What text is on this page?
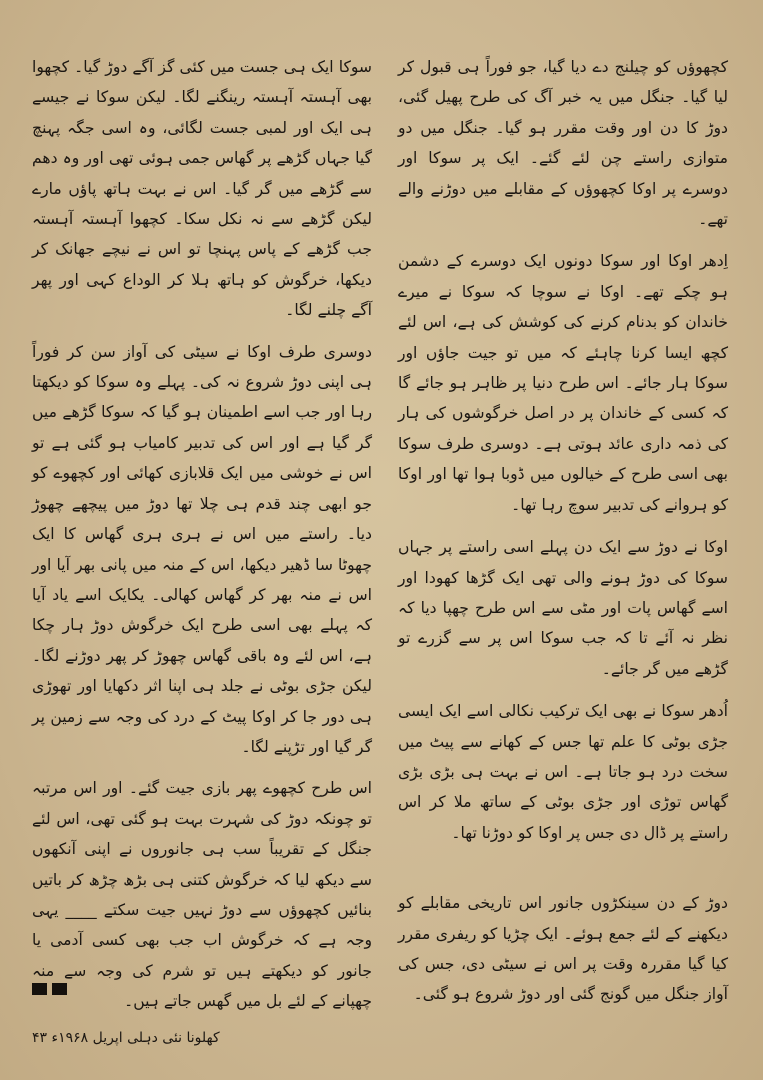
کچھوؤں کو چیلنج دے دیا گیا، جو فوراً ہی قبول کر لیا گیا۔ جنگل میں یہ خبر آگ کی طرح پھیل گئی، دوڑ کا دن اور وقت مقرر ہو گیا۔ جنگل میں دو متوازی راستے چن لئے گئے۔ ایک پر سوکا اور دوسرے پر اوکا کچھوؤں کے مقابلے میں دوڑنے والے تھے۔

اِدھر اوکا اور سوکا دونوں ایک دوسرے کے دشمن ہو چکے تھے۔ اوکا نے سوچا کہ سوکا نے میرے خاندان کو بدنام کرنے کی کوشش کی ہے، اس لئے کچھ ایسا کرنا چاہئے کہ میں تو جیت جاؤں اور سوکا ہار جائے۔ اس طرح دنیا پر ظاہر ہو جائے گا کہ کسی کے خاندان پر در اصل خرگوشوں کی ہار کی ذمہ داری عائد ہوتی ہے۔ دوسری طرف سوکا بھی اسی طرح کے خیالوں میں ڈوبا ہوا تھا اور اوکا کو ہروانے کی تدبیر سوچ رہا تھا۔

اوکا نے دوڑ سے ایک دن پہلے اسی راستے پر جہاں سوکا کی دوڑ ہونے والی تھی ایک گڑھا کھودا اور اسے گھاس پات اور مٹی سے اس طرح چھپا دیا کہ نظر نہ آئے تا کہ جب سوکا اس پر سے گزرے تو گڑھے میں گر جائے۔

اُدھر سوکا نے بھی ایک ترکیب نکالی اسے ایک ایسی جڑی بوٹی کا علم تھا جس کے کھانے سے پیٹ میں سخت درد ہو جاتا ہے۔ اس نے بہت ہی بڑی بڑی گھاس توڑی اور جڑی بوٹی کے ساتھ ملا کر اس راستے پر ڈال دی جس پر اوکا کو دوڑنا تھا۔

دوڑ کے دن سینکڑوں جانور اس تاریخی مقابلے کو دیکھنے کے لئے جمع ہوئے۔ ایک چڑیا کو ریفری مقرر کیا گیا مقررہ وقت پر اس نے سیٹی دی، جس کی آواز جنگل میں گونج گئی اور دوڑ شروع ہو گئی۔

سوکا ایک ہی جست میں کئی گز آگے دوڑ گیا۔ کچھوا بھی آہستہ آہستہ رینگنے لگا۔ لیکن سوکا نے جیسے ہی ایک اور لمبی جست لگائی، وہ اسی جگہ پہنچ گیا جہاں گڑھے پر گھاس جمی ہوئی تھی اور وہ دھم سے گڑھے میں گر گیا۔ اس نے بہت ہاتھ پاؤں مارے لیکن گڑھے سے نہ نکل سکا۔ کچھوا آہستہ آہستہ جب گڑھے کے پاس پہنچا تو اس نے نیچے جھانک کر دیکھا، خرگوش کو ہاتھ ہلا کر الوداع کہی اور پھر آگے چلنے لگا۔

دوسری طرف اوکا نے سیٹی کی آواز سن کر فوراً ہی اپنی دوڑ شروع نہ کی۔ پہلے وہ سوکا کو دیکھتا رہا اور جب اسے اطمینان ہو گیا کہ سوکا گڑھے میں گر گیا ہے اور اس کی تدبیر کامیاب ہو گئی ہے تو اس نے خوشی میں ایک قلابازی کھائی اور کچھوے کو جو ابھی چند قدم ہی چلا تھا دوڑ میں پیچھے چھوڑ دیا۔ راستے میں اس نے ہری ہری گھاس کا ایک چھوٹا سا ڈھیر دیکھا، اس کے منہ میں پانی بھر آیا اور اس نے منہ بھر کر گھاس کھالی۔ یکایک اسے یاد آیا کہ پہلے بھی اسی طرح ایک خرگوش دوڑ ہار چکا ہے، اس لئے وہ باقی گھاس چھوڑ کر پھر دوڑنے لگا۔ لیکن جڑی بوٹی نے جلد ہی اپنا اثر دکھایا اور تھوڑی ہی دور جا کر اوکا پیٹ کے درد کی وجہ سے زمین پر گر گیا اور تڑپنے لگا۔

اس طرح کچھوے پھر بازی جیت گئے۔ اور اس مرتبہ تو چونکہ دوڑ کی شہرت بہت ہو گئی تھی، اس لئے جنگل کے تقریباً سب ہی جانوروں نے اپنی آنکھوں سے دیکھ لیا کہ خرگوش کتنی ہی بڑھ چڑھ کر باتیں بنائیں کچھوؤں سے دوڑ نہیں جیت سکتے ____ یہی وجہ ہے کہ خرگوش اب جب بھی کسی آدمی یا جانور کو دیکھتے ہیں تو شرم کی وجہ سے منہ چھپانے کے لئے بل میں گھس جاتے ہیں۔

کھلونا نئی دہلی اپریل ۱۹۶۸ء ۴۳
